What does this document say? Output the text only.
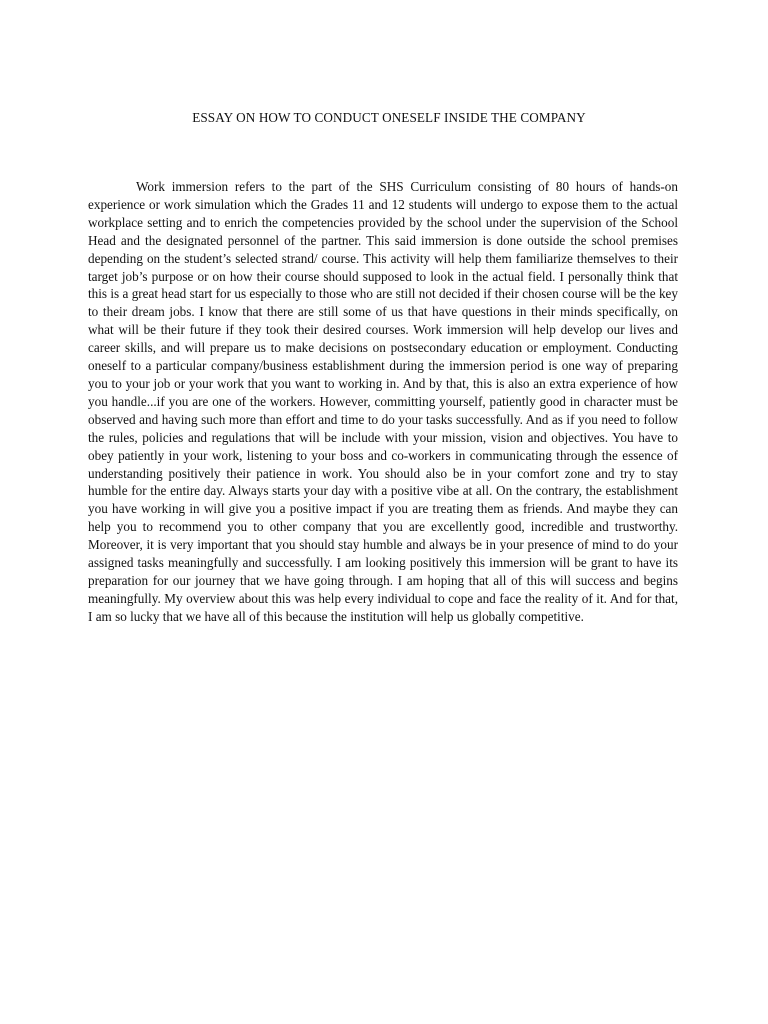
ESSAY ON HOW TO CONDUCT ONESELF INSIDE THE COMPANY

Work immersion refers to the part of the SHS Curriculum consisting of 80 hours of hands-on experience or work simulation which the Grades 11 and 12 students will undergo to expose them to the actual workplace setting and to enrich the competencies provided by the school under the supervision of the School Head and the designated personnel of the partner. This said immersion is done outside the school premises depending on the student’s selected strand/ course. This activity will help them familiarize themselves to their target job’s purpose or on how their course should supposed to look in the actual field. I personally think that this is a great head start for us especially to those who are still not decided if their chosen course will be the key to their dream jobs. I know that there are still some of us that have questions in their minds specifically, on what will be their future if they took their desired courses. Work immersion will help develop our lives and career skills, and will prepare us to make decisions on postsecondary education or employment. Conducting oneself to a particular company/business establishment during the immersion period is one way of preparing you to your job or your work that you want to working in. And by that, this is also an extra experience of how you handle...if you are one of the workers. However, committing yourself, patiently good in character must be observed and having such more than effort and time to do your tasks successfully. And as if you need to follow the rules, policies and regulations that will be include with your mission, vision and objectives. You have to obey patiently in your work, listening to your boss and co-workers in communicating through the essence of understanding positively their patience in work. You should also be in your comfort zone and try to stay humble for the entire day. Always starts your day with a positive vibe at all. On the contrary, the establishment you have working in will give you a positive impact if you are treating them as friends. And maybe they can help you to recommend you to other company that you are excellently good, incredible and trustworthy. Moreover, it is very important that you should stay humble and always be in your presence of mind to do your assigned tasks meaningfully and successfully. I am looking positively this immersion will be grant to have its preparation for our journey that we have going through. I am hoping that all of this will success and begins meaningfully. My overview about this was help every individual to cope and face the reality of it. And for that, I am so lucky that we have all of this because the institution will help us globally competitive.
